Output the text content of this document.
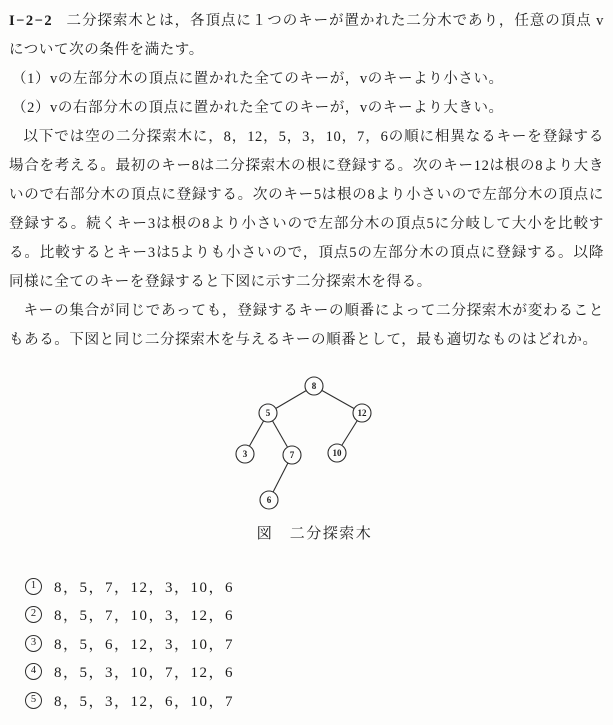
I−2−2 二分探索木とは，各頂点に１つのキーが置かれた二分木であり，任意の頂点 v について次の条件を満たす。

（1）vの左部分木の頂点に置かれた全てのキーが，vのキーより小さい。

（2）vの右部分木の頂点に置かれた全てのキーが，vのキーより大きい。

以下では空の二分探索木に，8，12，5，3，10，7，6の順に相異なるキーを登録する場合を考える。最初のキー8は二分探索木の根に登録する。次のキー12は根の8より大きいので右部分木の頂点に登録する。次のキー5は根の8より小さいので左部分木の頂点に登録する。続くキー3は根の8より小さいので左部分木の頂点5に分岐して大小を比較する。比較するとキー3は5よりも小さいので，頂点5の左部分木の頂点に登録する。以降同様に全てのキーを登録すると下図に示す二分探索木を得る。

キーの集合が同じであっても，登録するキーの順番によって二分探索木が変わることもある。下図と同じ二分探索木を与えるキーの順番として，最も適切なものはどれか。

8
5	12
3	7	10
6
図　二分探索木
1	8，5，7，12，3，10，6
2	8，5，7，10，3，12，6
3	8，5，6，12，3，10，7
4	8，5，3，10，7，12，6
5	8，5，3，12，6，10，7
